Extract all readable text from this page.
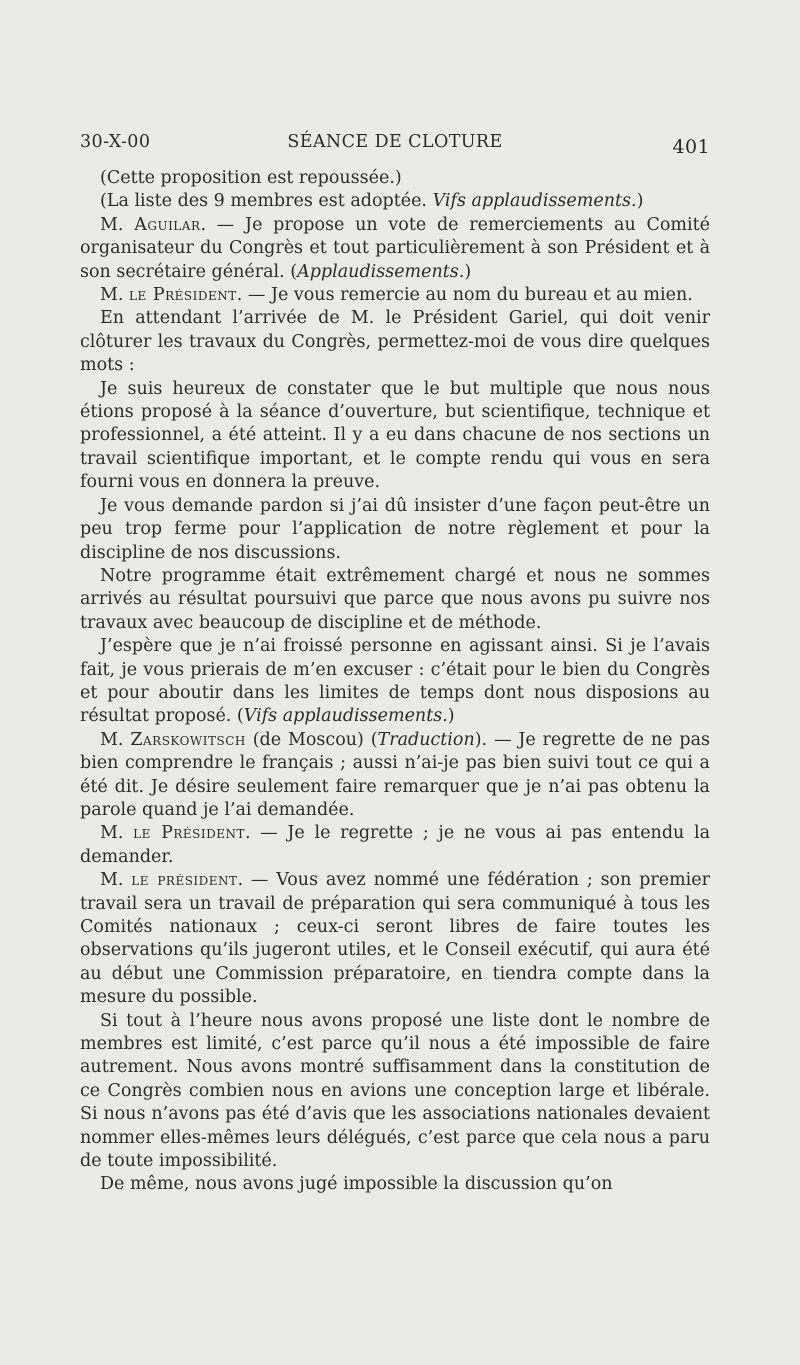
30-X-00	SÉANCE DE CLOTURE	401

(Cette proposition est repoussée.)

(La liste des 9 membres est adoptée. Vifs applaudissements.)

M. Aguilar. — Je propose un vote de remerciements au Comité organisateur du Congrès et tout particulièrement à son Président et à son secrétaire général. (Applaudissements.)

M. le Président. — Je vous remercie au nom du bureau et au mien.

En attendant l’arrivée de M. le Président Gariel, qui doit venir clôturer les travaux du Congrès, permettez-moi de vous dire quelques mots :

Je suis heureux de constater que le but multiple que nous nous étions proposé à la séance d’ouverture, but scientifique, technique et professionnel, a été atteint. Il y a eu dans chacune de nos sections un travail scientifique important, et le compte rendu qui vous en sera fourni vous en donnera la preuve.

Je vous demande pardon si j’ai dû insister d’une façon peut-être un peu trop ferme pour l’application de notre règlement et pour la discipline de nos discussions.

Notre programme était extrêmement chargé et nous ne sommes arrivés au résultat poursuivi que parce que nous avons pu suivre nos travaux avec beaucoup de discipline et de méthode.

J’espère que je n’ai froissé personne en agissant ainsi. Si je l’avais fait, je vous prierais de m’en excuser : c’était pour le bien du Congrès et pour aboutir dans les limites de temps dont nous disposions au résultat proposé. (Vifs applaudissements.)

M. Zarskowitsch (de Moscou) (Traduction). — Je regrette de ne pas bien comprendre le français ; aussi n’ai-je pas bien suivi tout ce qui a été dit. Je désire seulement faire remarquer que je n’ai pas obtenu la parole quand je l’ai demandée.

M. le Président. — Je le regrette ; je ne vous ai pas entendu la demander.

M. le président. — Vous avez nommé une fédération ; son premier travail sera un travail de préparation qui sera communiqué à tous les Comités nationaux ; ceux-ci seront libres de faire toutes les observations qu’ils jugeront utiles, et le Conseil exécutif, qui aura été au début une Commission préparatoire, en tiendra compte dans la mesure du possible.

Si tout à l’heure nous avons proposé une liste dont le nombre de membres est limité, c’est parce qu’il nous a été impossible de faire autrement. Nous avons montré suffisamment dans la constitution de ce Congrès combien nous en avions une conception large et libérale. Si nous n’avons pas été d’avis que les associations nationales devaient nommer elles-mêmes leurs délégués, c’est parce que cela nous a paru de toute impossibilité.

De même, nous avons jugé impossible la discussion qu’on
